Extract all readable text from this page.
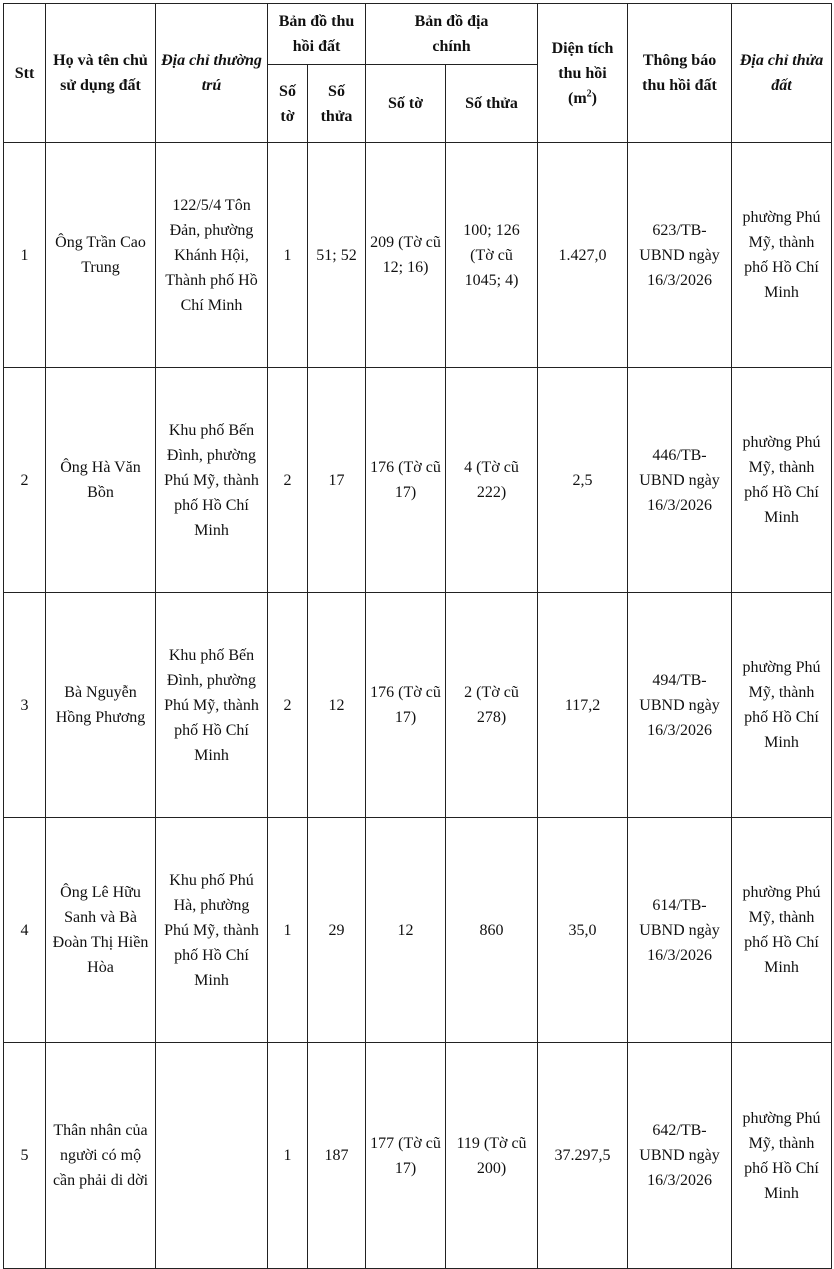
Stt	Họ và tên chủ sử dụng đất	Địa chỉ thường trú	Bản đồ thu hồi đất		Bản đồ địa chính		Diện tích thu hồi $(m^2)$	Thông báo thu hồi đất	Địa chỉ thửa đất
			Số tờ	Số thửa	Số tờ	Số thửa			
1	Ông Trần Cao Trung	122/5/4 Tôn Đản, phường Khánh Hội, Thành phố Hồ Chí Minh	1	51; 52	209 (Tờ cũ 12; 16)	100; 126 (Tờ cũ 1045; 4)	1.427,0	623/TB-UBND ngày 16/3/2026	phường Phú Mỹ, thành phố Hồ Chí Minh
2	Ông Hà Văn Bồn	Khu phố Bến Đình, phường Phú Mỹ, thành phố Hồ Chí Minh	2	17	176 (Tờ cũ 17)	4 (Tờ cũ 222)	2,5	446/TB-UBND ngày 16/3/2026	phường Phú Mỹ, thành phố Hồ Chí Minh
3	Bà Nguyễn Hồng Phương	Khu phố Bến Đình, phường Phú Mỹ, thành phố Hồ Chí Minh	2	12	176 (Tờ cũ 17)	2 (Tờ cũ 278)	117,2	494/TB-UBND ngày 16/3/2026	phường Phú Mỹ, thành phố Hồ Chí Minh
4	Ông Lê Hữu Sanh và Bà Đoàn Thị Hiền Hòa	Khu phố Phú Hà, phường Phú Mỹ, thành phố Hồ Chí Minh	1	29	12	860	35,0	614/TB-UBND ngày 16/3/2026	phường Phú Mỹ, thành phố Hồ Chí Minh
5	Thân nhân của người có mộ cần phải di dời		1	187	177 (Tờ cũ 17)	119 (Tờ cũ 200)	37.297,5	642/TB-UBND ngày 16/3/2026	phường Phú Mỹ, thành phố Hồ Chí Minh
